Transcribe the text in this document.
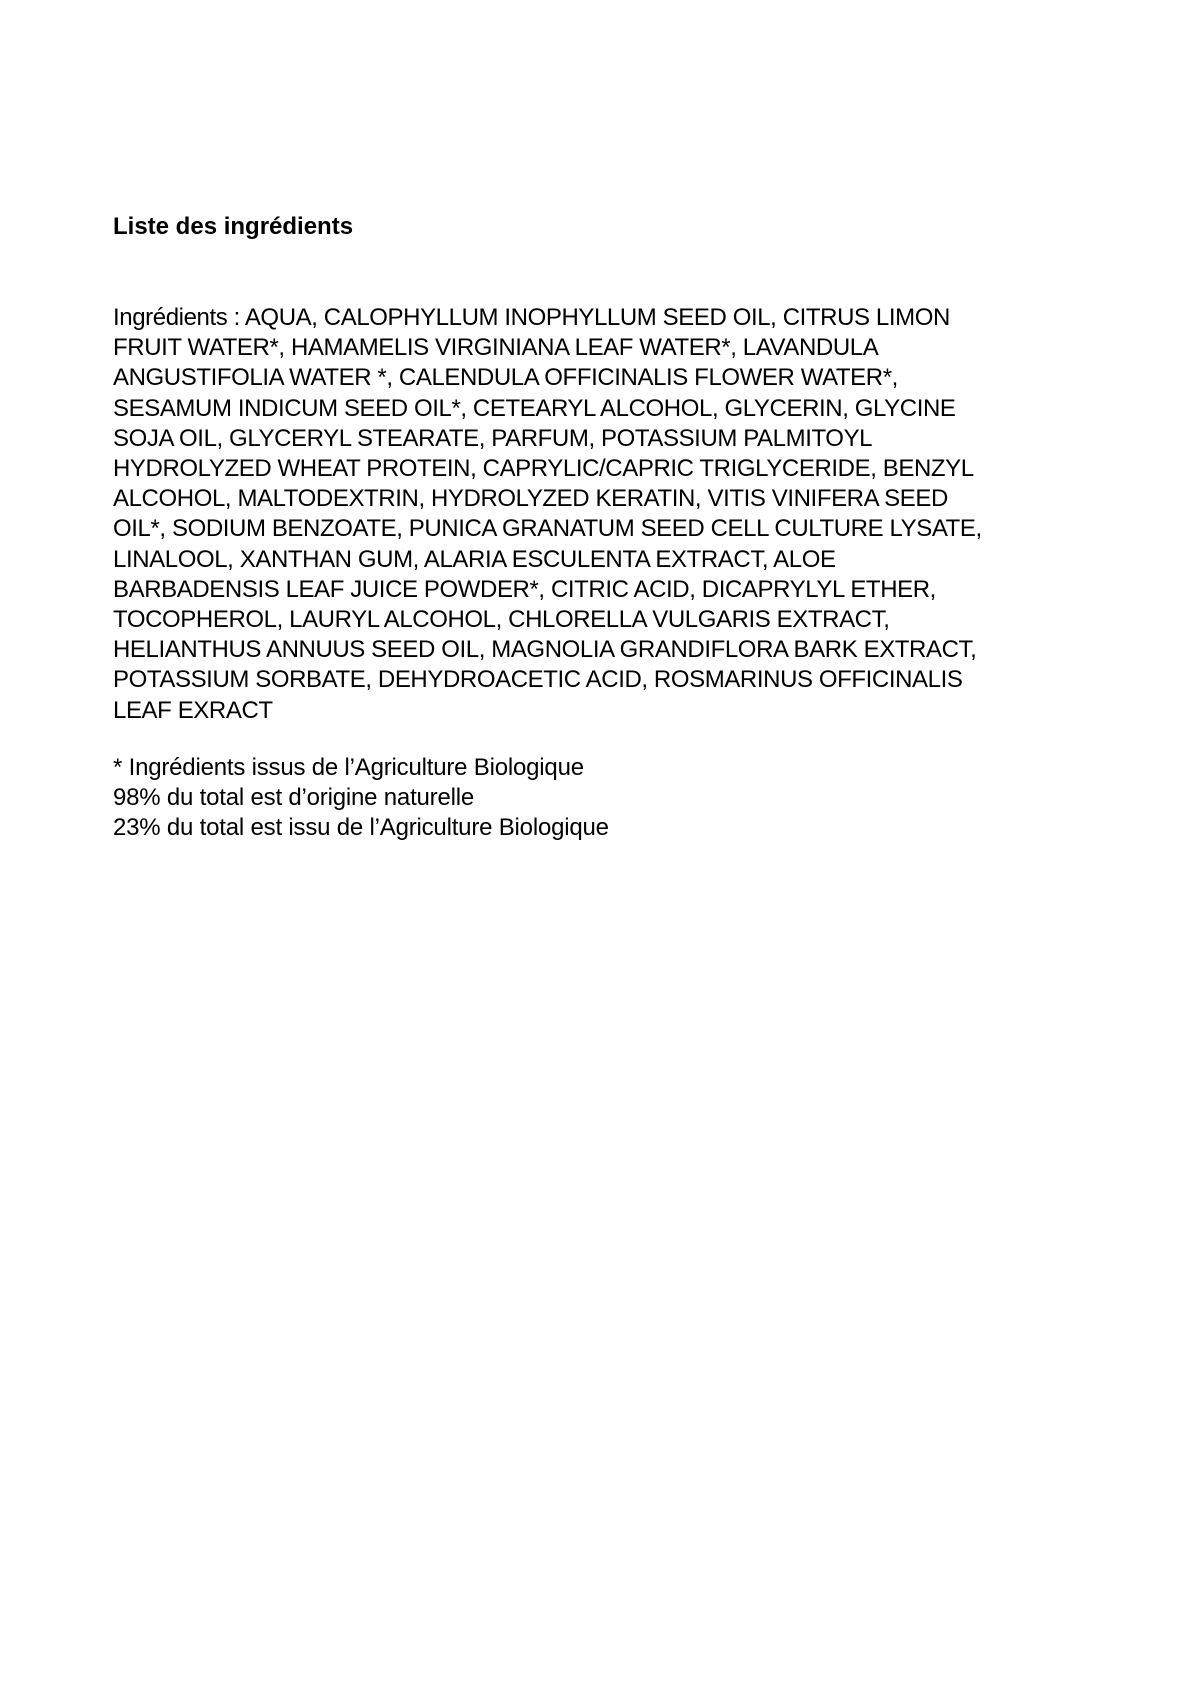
Liste des ingrédients

Ingrédients : AQUA, CALOPHYLLUM INOPHYLLUM SEED OIL, CITRUS LIMON
FRUIT WATER*, HAMAMELIS VIRGINIANA LEAF WATER*, LAVANDULA
ANGUSTIFOLIA WATER *, CALENDULA OFFICINALIS FLOWER WATER*,
SESAMUM INDICUM SEED OIL*, CETEARYL ALCOHOL, GLYCERIN, GLYCINE
SOJA OIL, GLYCERYL STEARATE, PARFUM, POTASSIUM PALMITOYL
HYDROLYZED WHEAT PROTEIN, CAPRYLIC/CAPRIC TRIGLYCERIDE, BENZYL
ALCOHOL, MALTODEXTRIN, HYDROLYZED KERATIN, VITIS VINIFERA SEED
OIL*, SODIUM BENZOATE, PUNICA GRANATUM SEED CELL CULTURE LYSATE,
LINALOOL, XANTHAN GUM, ALARIA ESCULENTA EXTRACT, ALOE
BARBADENSIS LEAF JUICE POWDER*, CITRIC ACID, DICAPRYLYL ETHER,
TOCOPHEROL, LAURYL ALCOHOL, CHLORELLA VULGARIS EXTRACT,
HELIANTHUS ANNUUS SEED OIL, MAGNOLIA GRANDIFLORA BARK EXTRACT,
POTASSIUM SORBATE, DEHYDROACETIC ACID, ROSMARINUS OFFICINALIS
LEAF EXRACT

* Ingrédients issus de l’Agriculture Biologique
98% du total est d’origine naturelle
23% du total est issu de l’Agriculture Biologique
